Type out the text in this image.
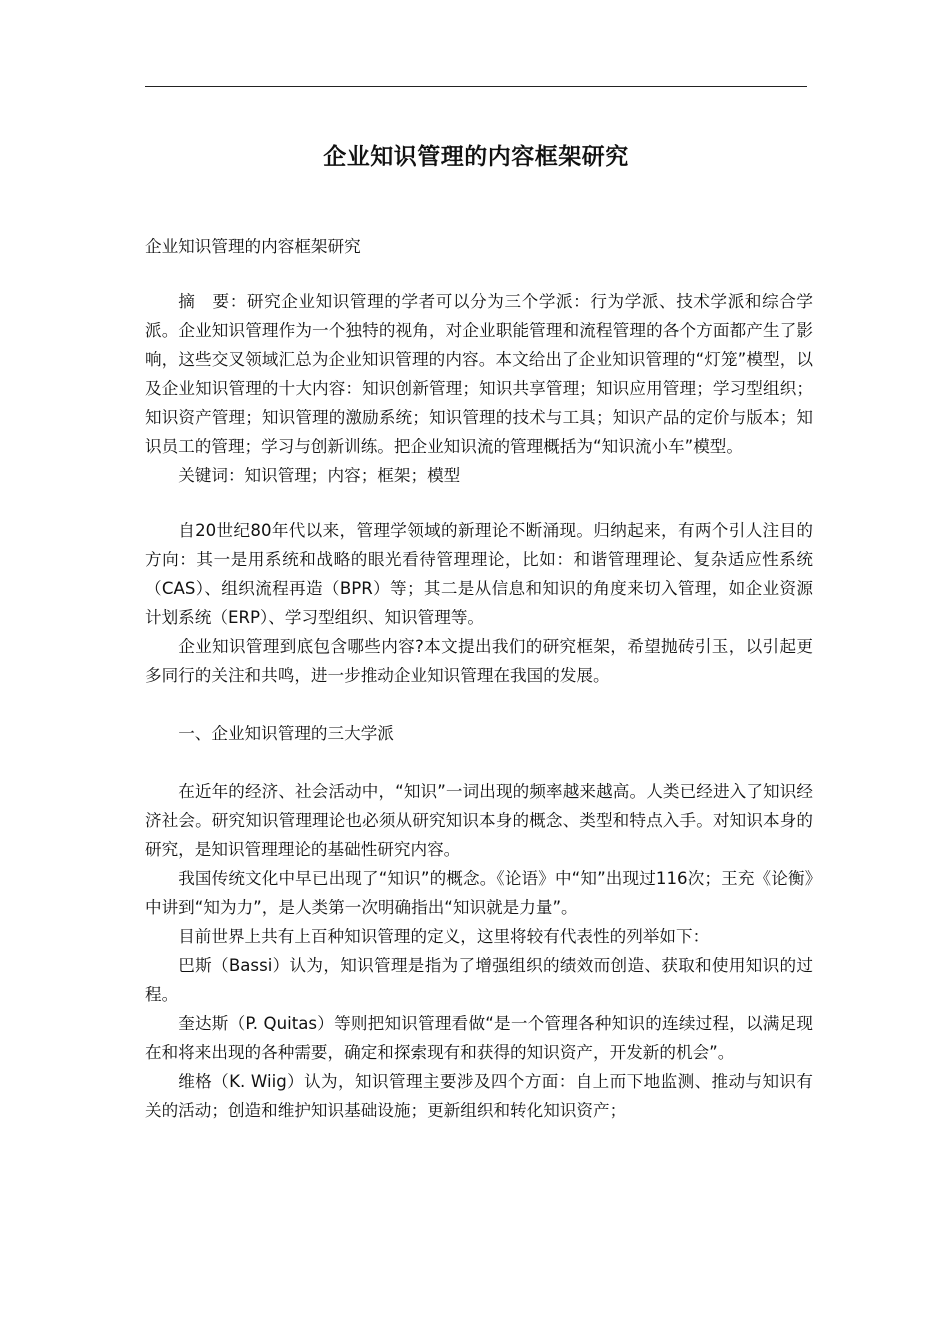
企业知识管理的内容框架研究

企业知识管理的内容框架研究

摘　要：研究企业知识管理的学者可以分为三个学派：行为学派、技术学派和综合学派。企业知识管理作为一个独特的视角，对企业职能管理和流程管理的各个方面都产生了影响，这些交叉领域汇总为企业知识管理的内容。本文给出了企业知识管理的“灯笼”模型，以及企业知识管理的十大内容：知识创新管理；知识共享管理；知识应用管理；学习型组织；知识资产管理；知识管理的激励系统；知识管理的技术与工具；知识产品的定价与版本；知识员工的管理；学习与创新训练。把企业知识流的管理概括为“知识流小车”模型。

关键词：知识管理；内容；框架；模型

自20世纪80年代以来，管理学领域的新理论不断涌现。归纳起来，有两个引人注目的方向：其一是用系统和战略的眼光看待管理理论，比如：和谐管理理论、复杂适应性系统（CAS）、组织流程再造（BPR）等；其二是从信息和知识的角度来切入管理，如企业资源计划系统（ERP）、学习型组织、知识管理等。

企业知识管理到底包含哪些内容?本文提出我们的研究框架，希望抛砖引玉，以引起更多同行的关注和共鸣，进一步推动企业知识管理在我国的发展。

一、企业知识管理的三大学派

在近年的经济、社会活动中，“知识”一词出现的频率越来越高。人类已经进入了知识经济社会。研究知识管理理论也必须从研究知识本身的概念、类型和特点入手。对知识本身的研究，是知识管理理论的基础性研究内容。

我国传统文化中早已出现了“知识”的概念。《论语》中“知”出现过116次；王充《论衡》中讲到“知为力”，是人类第一次明确指出“知识就是力量”。

目前世界上共有上百种知识管理的定义，这里将较有代表性的列举如下：

巴斯（Bassi）认为，知识管理是指为了增强组织的绩效而创造、获取和使用知识的过程。

奎达斯（P. Quitas）等则把知识管理看做“是一个管理各种知识的连续过程，以满足现在和将来出现的各种需要，确定和探索现有和获得的知识资产，开发新的机会”。

维格（K. Wiig）认为，知识管理主要涉及四个方面：自上而下地监测、推动与知识有关的活动；创造和维护知识基础设施；更新组织和转化知识资产；
